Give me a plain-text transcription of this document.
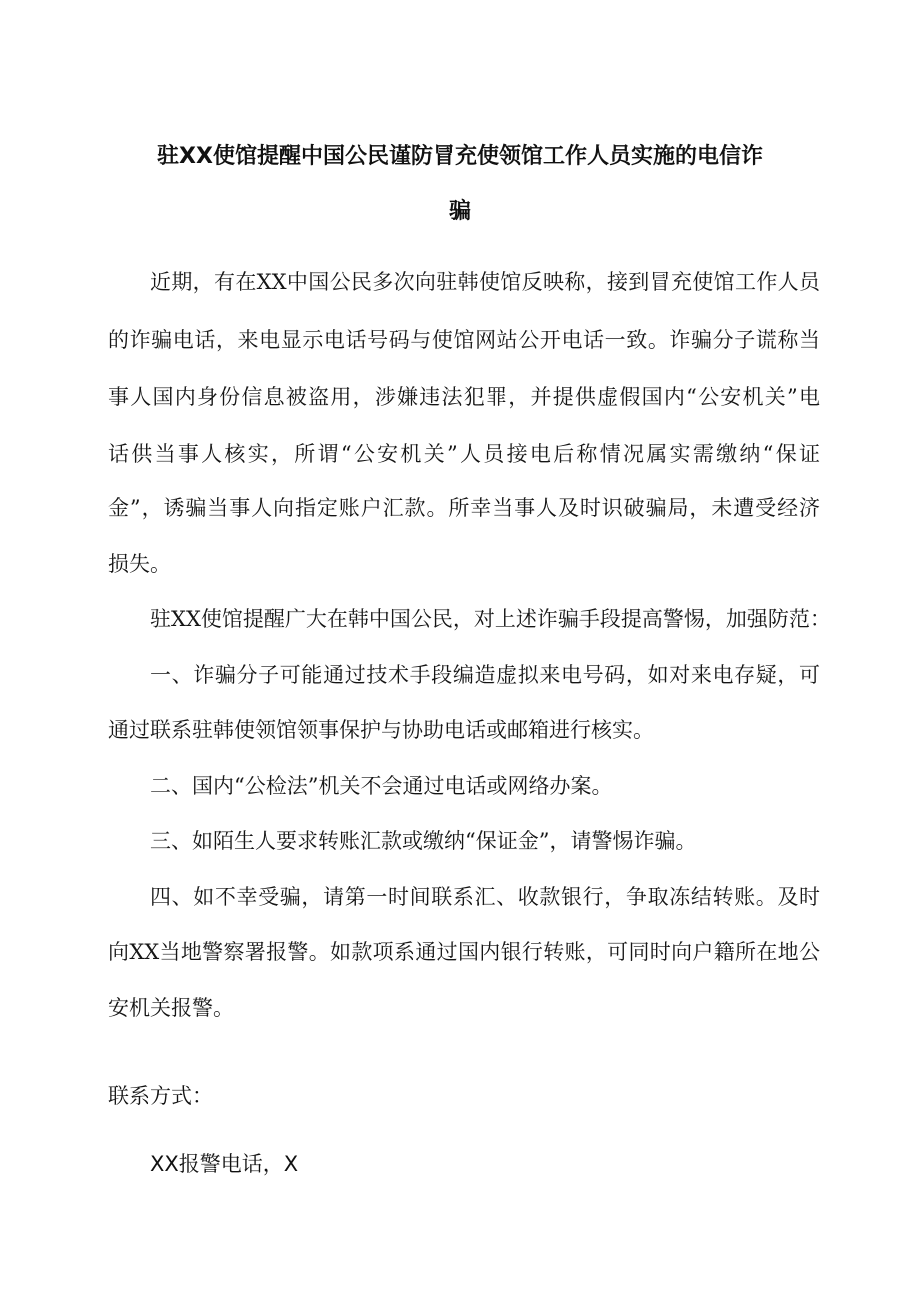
驻XX使馆提醒中国公民谨防冒充使领馆工作人员实施的电信诈
骗
近期，有在XX中国公民多次向驻韩使馆反映称，接到冒充使馆工作人员
的诈骗电话，来电显示电话号码与使馆网站公开电话一致。诈骗分子谎称当
事人国内身份信息被盗用，涉嫌违法犯罪，并提供虚假国内“公安机关”电
话供当事人核实，所谓“公安机关”人员接电后称情况属实需缴纳“保证
金”，诱骗当事人向指定账户汇款。所幸当事人及时识破骗局，未遭受经济
损失。
驻XX使馆提醒广大在韩中国公民，对上述诈骗手段提高警惕，加强防范：
一、诈骗分子可能通过技术手段编造虚拟来电号码，如对来电存疑，可
通过联系驻韩使领馆领事保护与协助电话或邮箱进行核实。
二、国内“公检法”机关不会通过电话或网络办案。
三、如陌生人要求转账汇款或缴纳“保证金”，请警惕诈骗。
四、如不幸受骗，请第一时间联系汇、收款银行，争取冻结转账。及时
向XX当地警察署报警。如款项系通过国内银行转账，可同时向户籍所在地公
安机关报警。
联系方式：
XX报警电话，X
